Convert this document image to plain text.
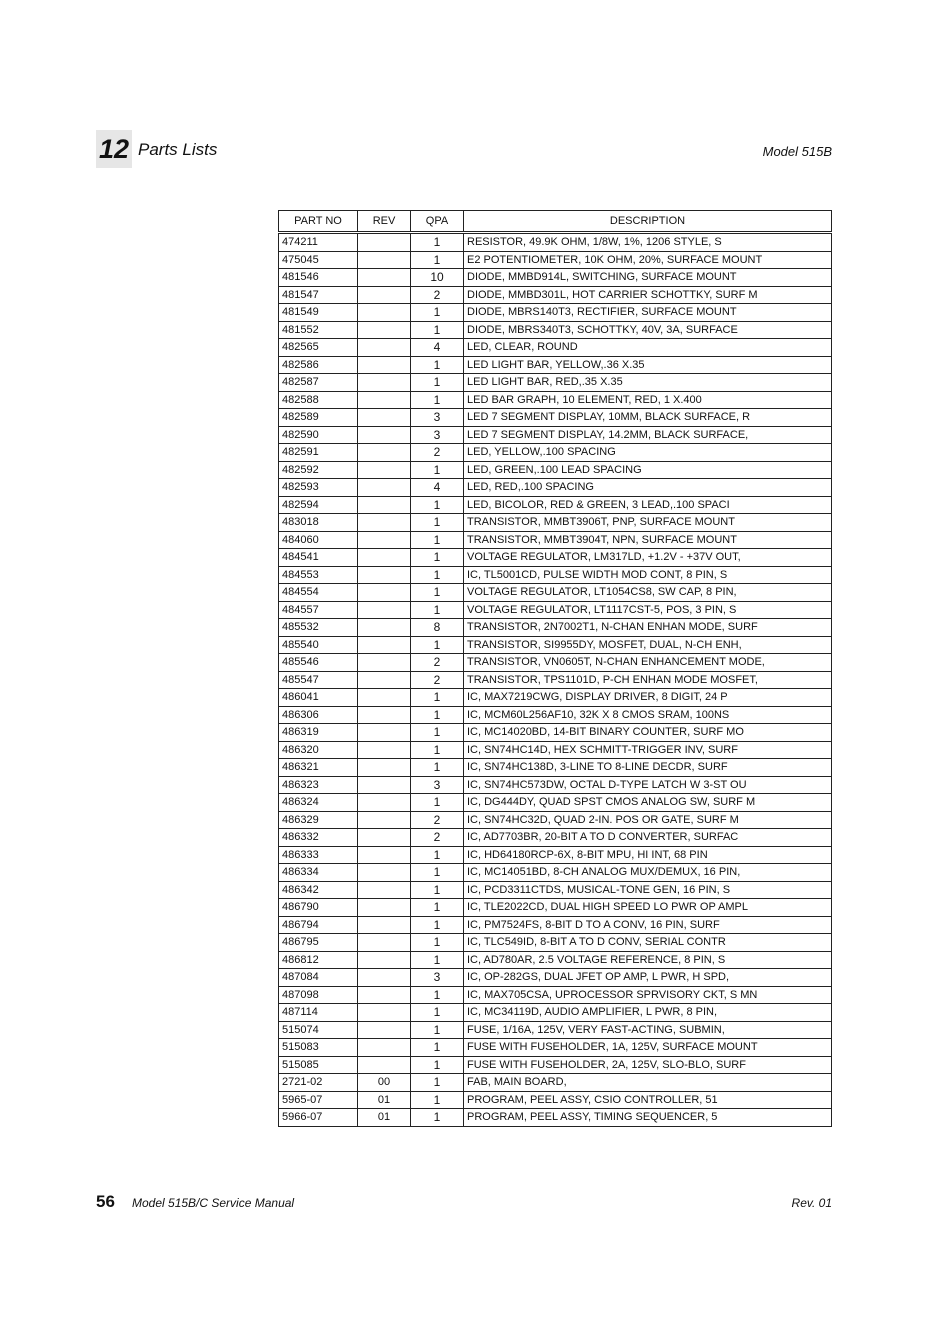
12 Parts Lists	Model 515B
PART NO	REV	QPA	DESCRIPTION
474211		1	RESISTOR, 49.9K OHM, 1/8W, 1%, 1206 STYLE, S
475045		1	E2 POTENTIOMETER, 10K OHM, 20%, SURFACE MOUNT
481546		10	DIODE, MMBD914L, SWITCHING, SURFACE MOUNT
481547		2	DIODE, MMBD301L, HOT CARRIER SCHOTTKY, SURF M
481549		1	DIODE, MBRS140T3, RECTIFIER, SURFACE MOUNT
481552		1	DIODE, MBRS340T3, SCHOTTKY, 40V, 3A, SURFACE
482565		4	LED, CLEAR, ROUND
482586		1	LED LIGHT BAR, YELLOW,.36 X.35
482587		1	LED LIGHT BAR, RED,.35 X.35
482588		1	LED BAR GRAPH, 10 ELEMENT, RED, 1 X.400
482589		3	LED 7 SEGMENT DISPLAY, 10MM, BLACK SURFACE, R
482590		3	LED 7 SEGMENT DISPLAY, 14.2MM, BLACK SURFACE,
482591		2	LED, YELLOW,.100 SPACING
482592		1	LED, GREEN,.100 LEAD SPACING
482593		4	LED, RED,.100 SPACING
482594		1	LED, BICOLOR, RED & GREEN, 3 LEAD,.100 SPACI
483018		1	TRANSISTOR, MMBT3906T, PNP, SURFACE MOUNT
484060		1	TRANSISTOR, MMBT3904T, NPN, SURFACE MOUNT
484541		1	VOLTAGE REGULATOR, LM317LD, +1.2V - +37V OUT,
484553		1	IC, TL5001CD, PULSE WIDTH MOD CONT, 8 PIN, S
484554		1	VOLTAGE REGULATOR, LT1054CS8, SW CAP, 8 PIN,
484557		1	VOLTAGE REGULATOR, LT1117CST-5, POS, 3 PIN, S
485532		8	TRANSISTOR, 2N7002T1, N-CHAN ENHAN MODE, SURF
485540		1	TRANSISTOR, SI9955DY, MOSFET, DUAL, N-CH ENH,
485546		2	TRANSISTOR, VN0605T, N-CHAN ENHANCEMENT MODE,
485547		2	TRANSISTOR, TPS1101D, P-CH ENHAN MODE MOSFET,
486041		1	IC, MAX7219CWG, DISPLAY DRIVER, 8 DIGIT, 24 P
486306		1	IC, MCM60L256AF10, 32K X 8 CMOS SRAM, 100NS
486319		1	IC, MC14020BD, 14-BIT BINARY COUNTER, SURF MO
486320		1	IC, SN74HC14D, HEX SCHMITT-TRIGGER INV, SURF
486321		1	IC, SN74HC138D, 3-LINE TO 8-LINE DECDR, SURF
486323		3	IC, SN74HC573DW, OCTAL D-TYPE LATCH W 3-ST OU
486324		1	IC, DG444DY, QUAD SPST CMOS ANALOG SW, SURF M
486329		2	IC, SN74HC32D, QUAD 2-IN. POS OR GATE, SURF M
486332		2	IC, AD7703BR, 20-BIT A TO D CONVERTER, SURFAC
486333		1	IC, HD64180RCP-6X, 8-BIT MPU, HI INT, 68 PIN
486334		1	IC, MC14051BD, 8-CH ANALOG MUX/DEMUX, 16 PIN,
486342		1	IC, PCD3311CTDS, MUSICAL-TONE GEN, 16 PIN, S
486790		1	IC, TLE2022CD, DUAL HIGH SPEED LO PWR OP AMPL
486794		1	IC, PM7524FS, 8-BIT D TO A CONV, 16 PIN, SURF
486795		1	IC, TLC549ID, 8-BIT A TO D CONV, SERIAL CONTR
486812		1	IC, AD780AR, 2.5 VOLTAGE REFERENCE, 8 PIN, S
487084		3	IC, OP-282GS, DUAL JFET OP AMP, L PWR, H SPD,
487098		1	IC, MAX705CSA, UPROCESSOR SPRVISORY CKT, S MN
487114		1	IC, MC34119D, AUDIO AMPLIFIER, L PWR, 8 PIN,
515074		1	FUSE, 1/16A, 125V, VERY FAST-ACTING, SUBMIN,
515083		1	FUSE WITH FUSEHOLDER, 1A, 125V, SURFACE MOUNT
515085		1	FUSE WITH FUSEHOLDER, 2A, 125V, SLO-BLO, SURF
2721-02	00	1	FAB, MAIN BOARD,
5965-07	01	1	PROGRAM, PEEL ASSY, CSIO CONTROLLER, 51
5966-07	01	1	PROGRAM, PEEL ASSY, TIMING SEQUENCER, 5
56 Model 515B/C Service Manual	Rev. 01
